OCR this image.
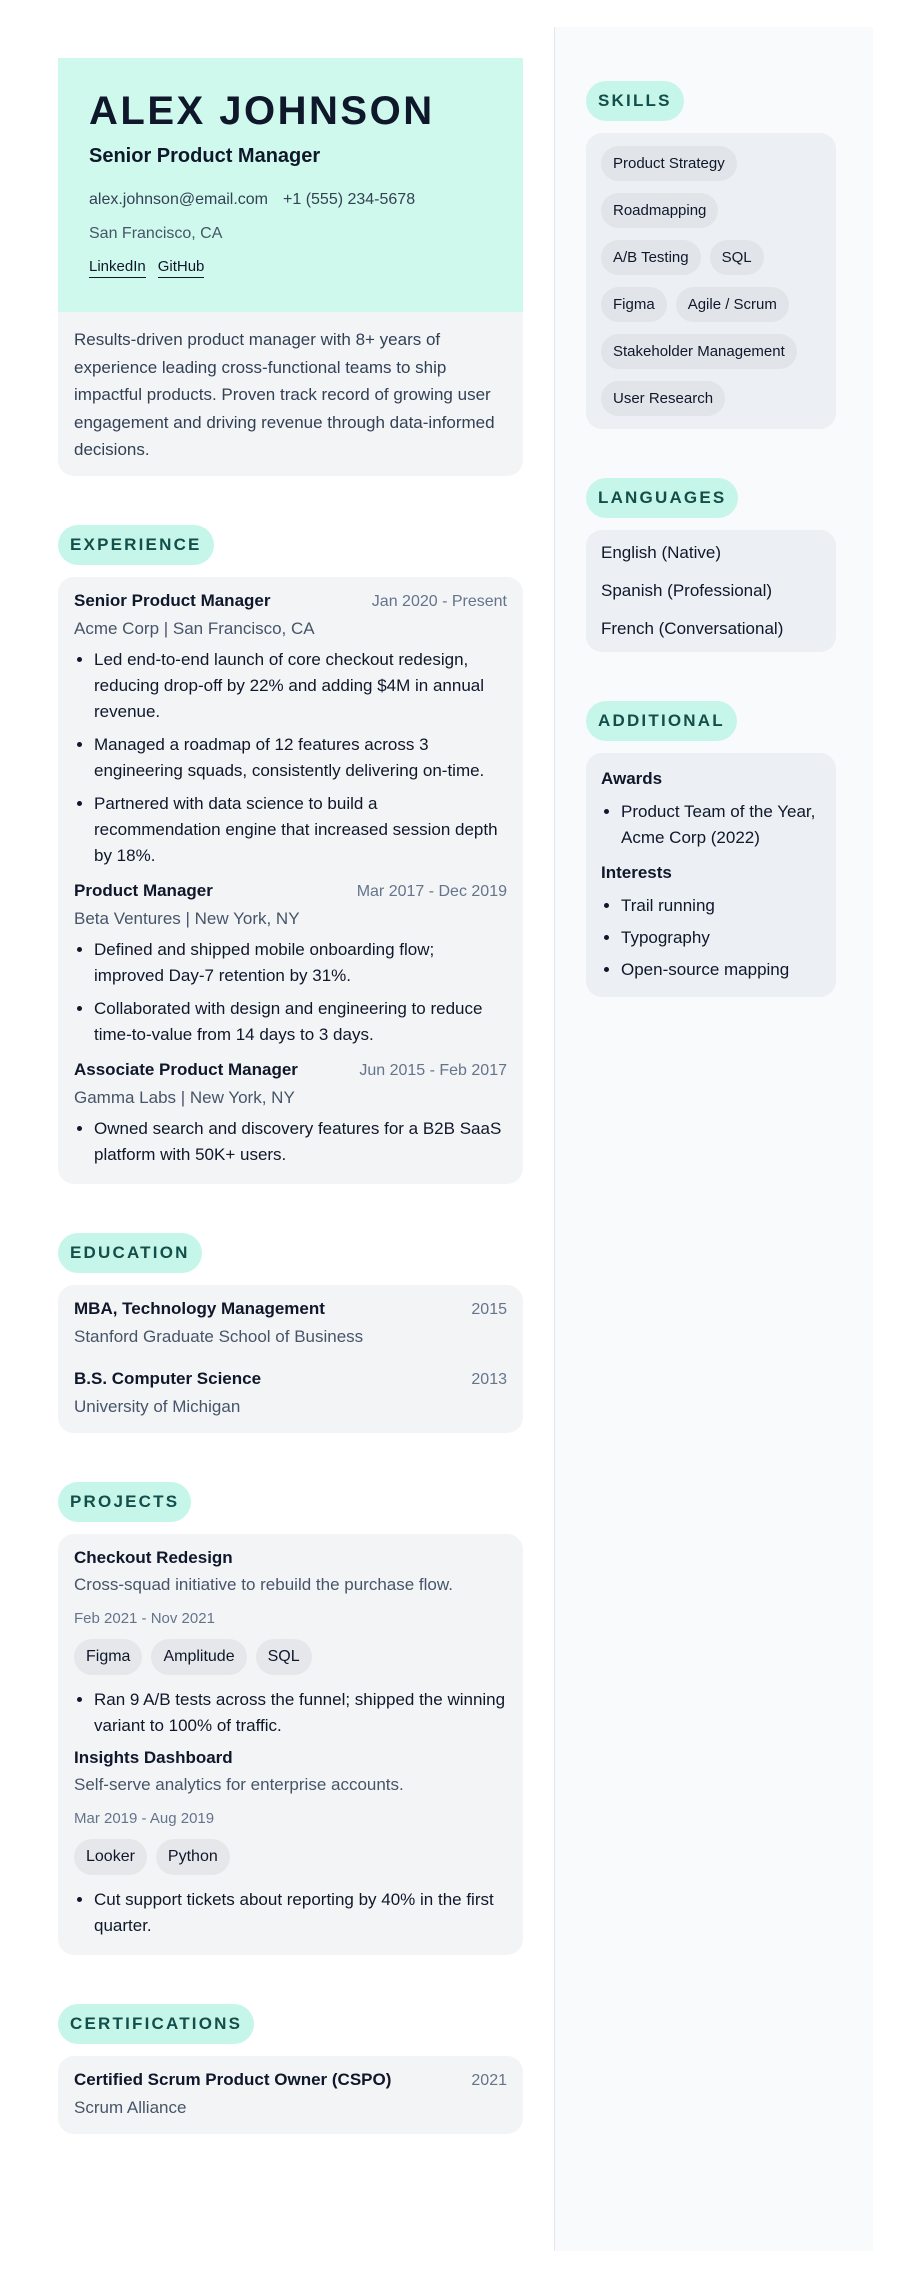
ALEX JOHNSON
Senior Product Manager
alex.johnson@email.com +1 (555) 234-5678
San Francisco, CA
LinkedIn GitHub
Results-driven product manager with 8+ years of experience leading cross-functional teams to ship impactful products. Proven track record of growing user engagement and driving revenue through data-informed decisions.
EXPERIENCE
Senior Product Manager	Jan 2020 - Present
Acme Corp | San Francisco, CA
• Led end-to-end launch of core checkout redesign, reducing drop-off by 22% and adding $4M in annual revenue.
• Managed a roadmap of 12 features across 3 engineering squads, consistently delivering on-time.
• Partnered with data science to build a recommendation engine that increased session depth by 18%.
Product Manager	Mar 2017 - Dec 2019
Beta Ventures | New York, NY
• Defined and shipped mobile onboarding flow; improved Day-7 retention by 31%.
• Collaborated with design and engineering to reduce time-to-value from 14 days to 3 days.
Associate Product Manager	Jun 2015 - Feb 2017
Gamma Labs | New York, NY
• Owned search and discovery features for a B2B SaaS platform with 50K+ users.
EDUCATION
MBA, Technology Management	2015
Stanford Graduate School of Business
B.S. Computer Science	2013
University of Michigan
PROJECTS
Checkout Redesign
Cross-squad initiative to rebuild the purchase flow.
Feb 2021 - Nov 2021
Figma	Amplitude	SQL
• Ran 9 A/B tests across the funnel; shipped the winning variant to 100% of traffic.
Insights Dashboard
Self-serve analytics for enterprise accounts.
Mar 2019 - Aug 2019
Looker	Python
• Cut support tickets about reporting by 40% in the first quarter.
CERTIFICATIONS
Certified Scrum Product Owner (CSPO)	2021
Scrum Alliance
SKILLS
Product Strategy
Roadmapping
A/B Testing	SQL
Figma	Agile / Scrum
Stakeholder Management
User Research
LANGUAGES
English (Native)
Spanish (Professional)
French (Conversational)
ADDITIONAL
Awards
• Product Team of the Year, Acme Corp (2022)
Interests
• Trail running
• Typography
• Open-source mapping
